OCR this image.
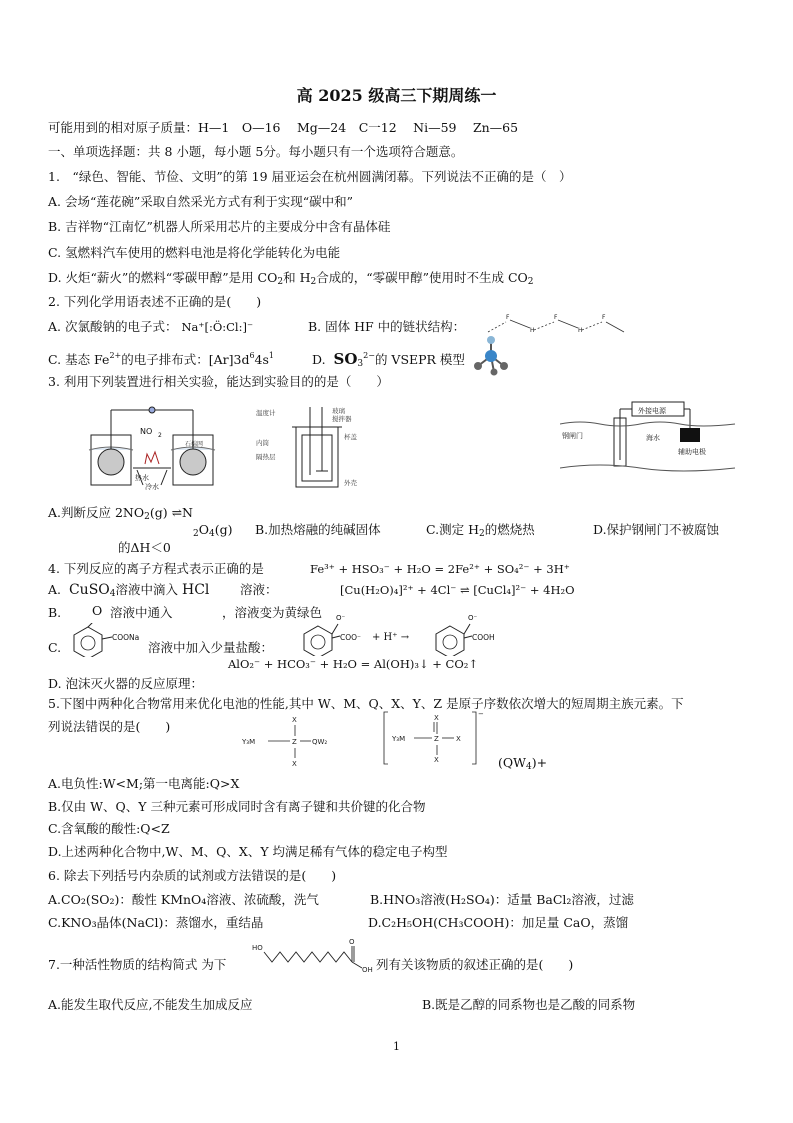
高 2025 级高三下期周练一
可能用到的相对原子质量：H—1　O—16　 Mg—24　C一12　 Ni—59　 Zn—65
一、单项选择题：共 8 小题，每小题 5分。每小题只有一个选项符合题意。
1.　“绿色、智能、节俭、文明”的第 19 届亚运会在杭州圆满闭幕。下列说法不正确的是（　）
A. 会场“莲花碗”采取自然采光方式有利于实现“碳中和”
B. 吉祥物“江南忆”机器人所采用芯片的主要成分中含有晶体硅
C. 氢燃料汽车使用的燃料电池是将化学能转化为电能
D. 火炬“薪火”的燃料“零碳甲醇”是用 $CO_2$和 $H_2$合成的，“零碳甲醇”使用时不生成 $CO_2$
2. 下列化学用语表述不正确的是(　　)
A. 次氯酸钠的电子式： Na⁺[:Ö:Cl:]⁻	B. 固体 HF 中的链状结构：
F
H
F
H
F
C. 基态 $Fe^{2+}$的电子排布式：$[Ar]3d^64s^1$	D. $SO_3^{2-}$的 VSEPR 模型
3. 利用下列装置进行相关实验，能达到实验目的的是（　　）
NO 2
石棉网
热水
冷水
温度计	玻璃
搅拌器
内筒
杯盖
隔热层
外壳
外接电源
钢闸门	海水
辅助电极
A.判断反应 $2NO_2(g)$ ⇌N
$_2O_4(g)$
的ΔH＜0
B.加热熔融的纯碱固体	C.测定 $H_2$的燃烧热	D.保护钢闸门不被腐蚀
4. 下列反应的离子方程式表示正确的是	Fe³⁺ + HSO₃⁻ + H₂O = 2Fe²⁺ + SO₄²⁻ + 3H⁺
A. CuSO$_4$溶液中滴入 HCl 溶液：	[Cu(H₂O)₄]²⁺ + 4Cl⁻ ⇌ [CuCl₄]²⁻ + 4H₂O
B. O 溶液中通入	，溶液变为黄绿色
C.
COONa
溶液中加入少量盐酸：
O⁻
COO⁻ + H⁺ →
O⁻
COOH
AlO₂⁻ + HCO₃⁻ + H₂O = Al(OH)₃↓ + CO₂↑
D. 泡沫灭火器的反应原理：
5.下图中两种化合物常用来优化电池的性能,其中 W、M、Q、X、Y、Z 是原子序数依次增大的短周期主族元素。下
列说法错误的是(　　)	X
Y₃M	Z QW₂
X
X
Y₃M	Z X
X
−
$(QW_4)+$
A.电负性:W<M;第一电离能:Q>X
B.仅由 W、Q、Y 三种元素可形成同时含有离子键和共价键的化合物
C.含氧酸的酸性:Q<Z
D.上述两种化合物中,W、M、Q、X、Y 均满足稀有气体的稳定电子构型
6. 除去下列括号内杂质的试剂或方法错误的是(　　)
A.CO₂(SO₂)：酸性 KMnO₄溶液、浓硫酸，洗气	B.HNO₃溶液(H₂SO₄)：适量 BaCl₂溶液，过滤
C.KNO₃晶体(NaCl)：蒸馏水，重结晶	D.C₂H₅OH(CH₃COOH)：加足量 CaO，蒸馏
7.一种活性物质的结构简式 为下
HO
O
OH 列有关该物质的叙述正确的是(　　)
A.能发生取代反应,不能发生加成反应	B.既是乙醇的同系物也是乙酸的同系物
1
